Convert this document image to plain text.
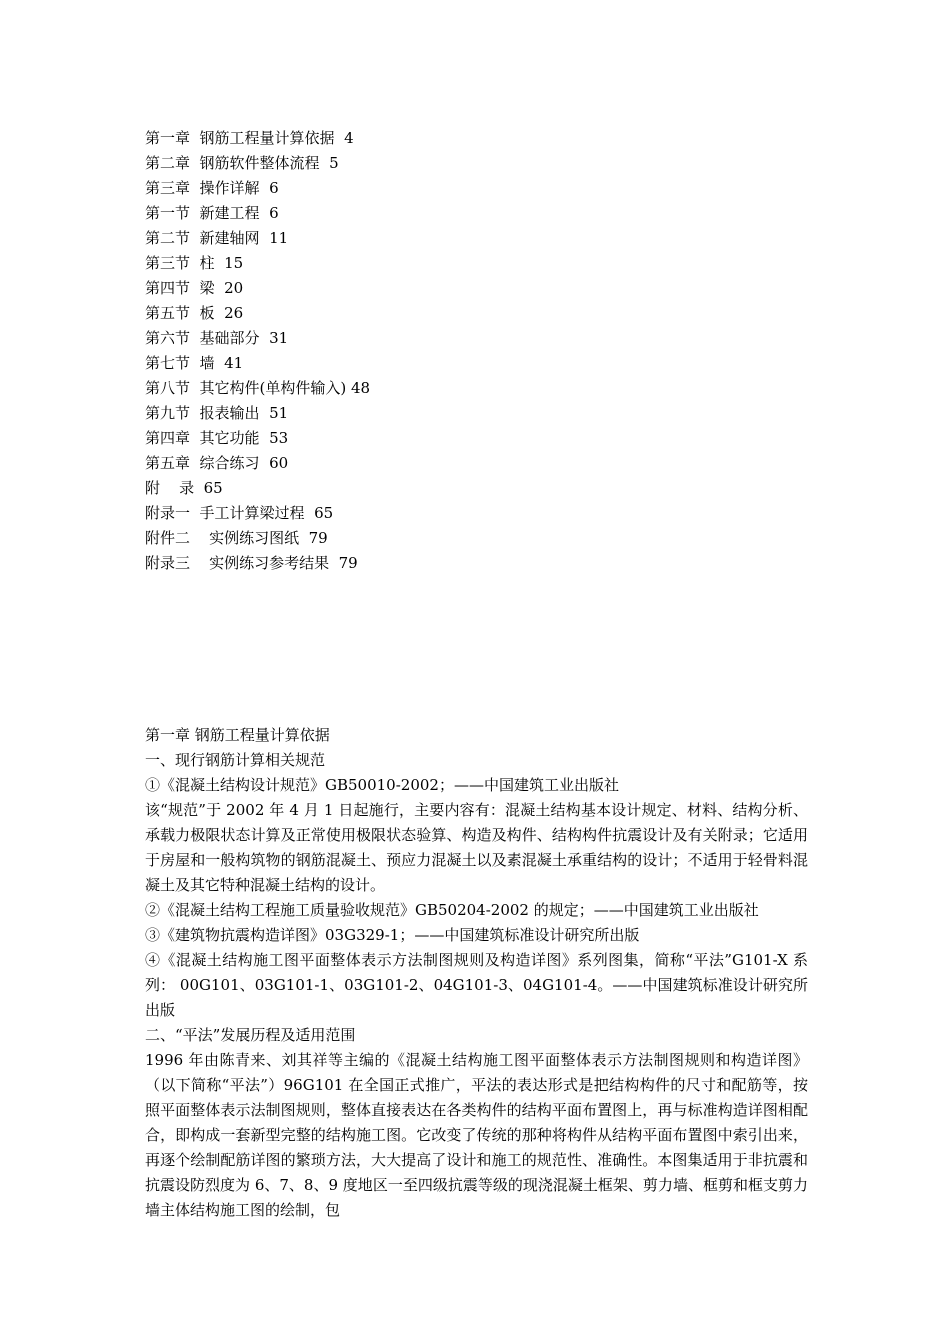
第一章  钢筋工程量计算依据  4
第二章  钢筋软件整体流程  5
第三章  操作详解  6
第一节  新建工程  6
第二节  新建轴网  11
第三节  柱  15
第四节  梁  20
第五节  板  26
第六节  基础部分  31
第七节  墙  41
第八节  其它构件(单构件输入) 48
第九节  报表输出  51
第四章  其它功能  53
第五章  综合练习  60
附    录  65
附录一  手工计算梁过程  65
附件二    实例练习图纸  79
附录三    实例练习参考结果  79

第一章 钢筋工程量计算依据

一、现行钢筋计算相关规范

①《混凝土结构设计规范》GB50010-2002；——中国建筑工业出版社

该“规范”于 2002 年 4 月 1 日起施行，主要内容有：混凝土结构基本设计规定、材料、结构分析、承载力极限状态计算及正常使用极限状态验算、构造及构件、结构构件抗震设计及有关附录；它适用于房屋和一般构筑物的钢筋混凝土、预应力混凝土以及素混凝土承重结构的设计；不适用于轻骨料混凝土及其它特种混凝土结构的设计。

②《混凝土结构工程施工质量验收规范》GB50204-2002 的规定；——中国建筑工业出版社

③《建筑物抗震构造详图》03G329-1；——中国建筑标准设计研究所出版

④《混凝土结构施工图平面整体表示方法制图规则及构造详图》系列图集，简称“平法”G101-X 系列： 00G101、03G101-1、03G101-2、04G101-3、04G101-4。——中国建筑标准设计研究所出版

二、“平法”发展历程及适用范围

1996 年由陈青来、刘其祥等主编的《混凝土结构施工图平面整体表示方法制图规则和构造详图》（以下简称“平法”）96G101 在全国正式推广，平法的表达形式是把结构构件的尺寸和配筋等，按照平面整体表示法制图规则，整体直接表达在各类构件的结构平面布置图上，再与标准构造详图相配合，即构成一套新型完整的结构施工图。它改变了传统的那种将构件从结构平面布置图中索引出来，再逐个绘制配筋详图的繁琐方法，大大提高了设计和施工的规范性、准确性。本图集适用于非抗震和抗震设防烈度为 6、7、8、9 度地区一至四级抗震等级的现浇混凝土框架、剪力墙、框剪和框支剪力墙主体结构施工图的绘制，包
